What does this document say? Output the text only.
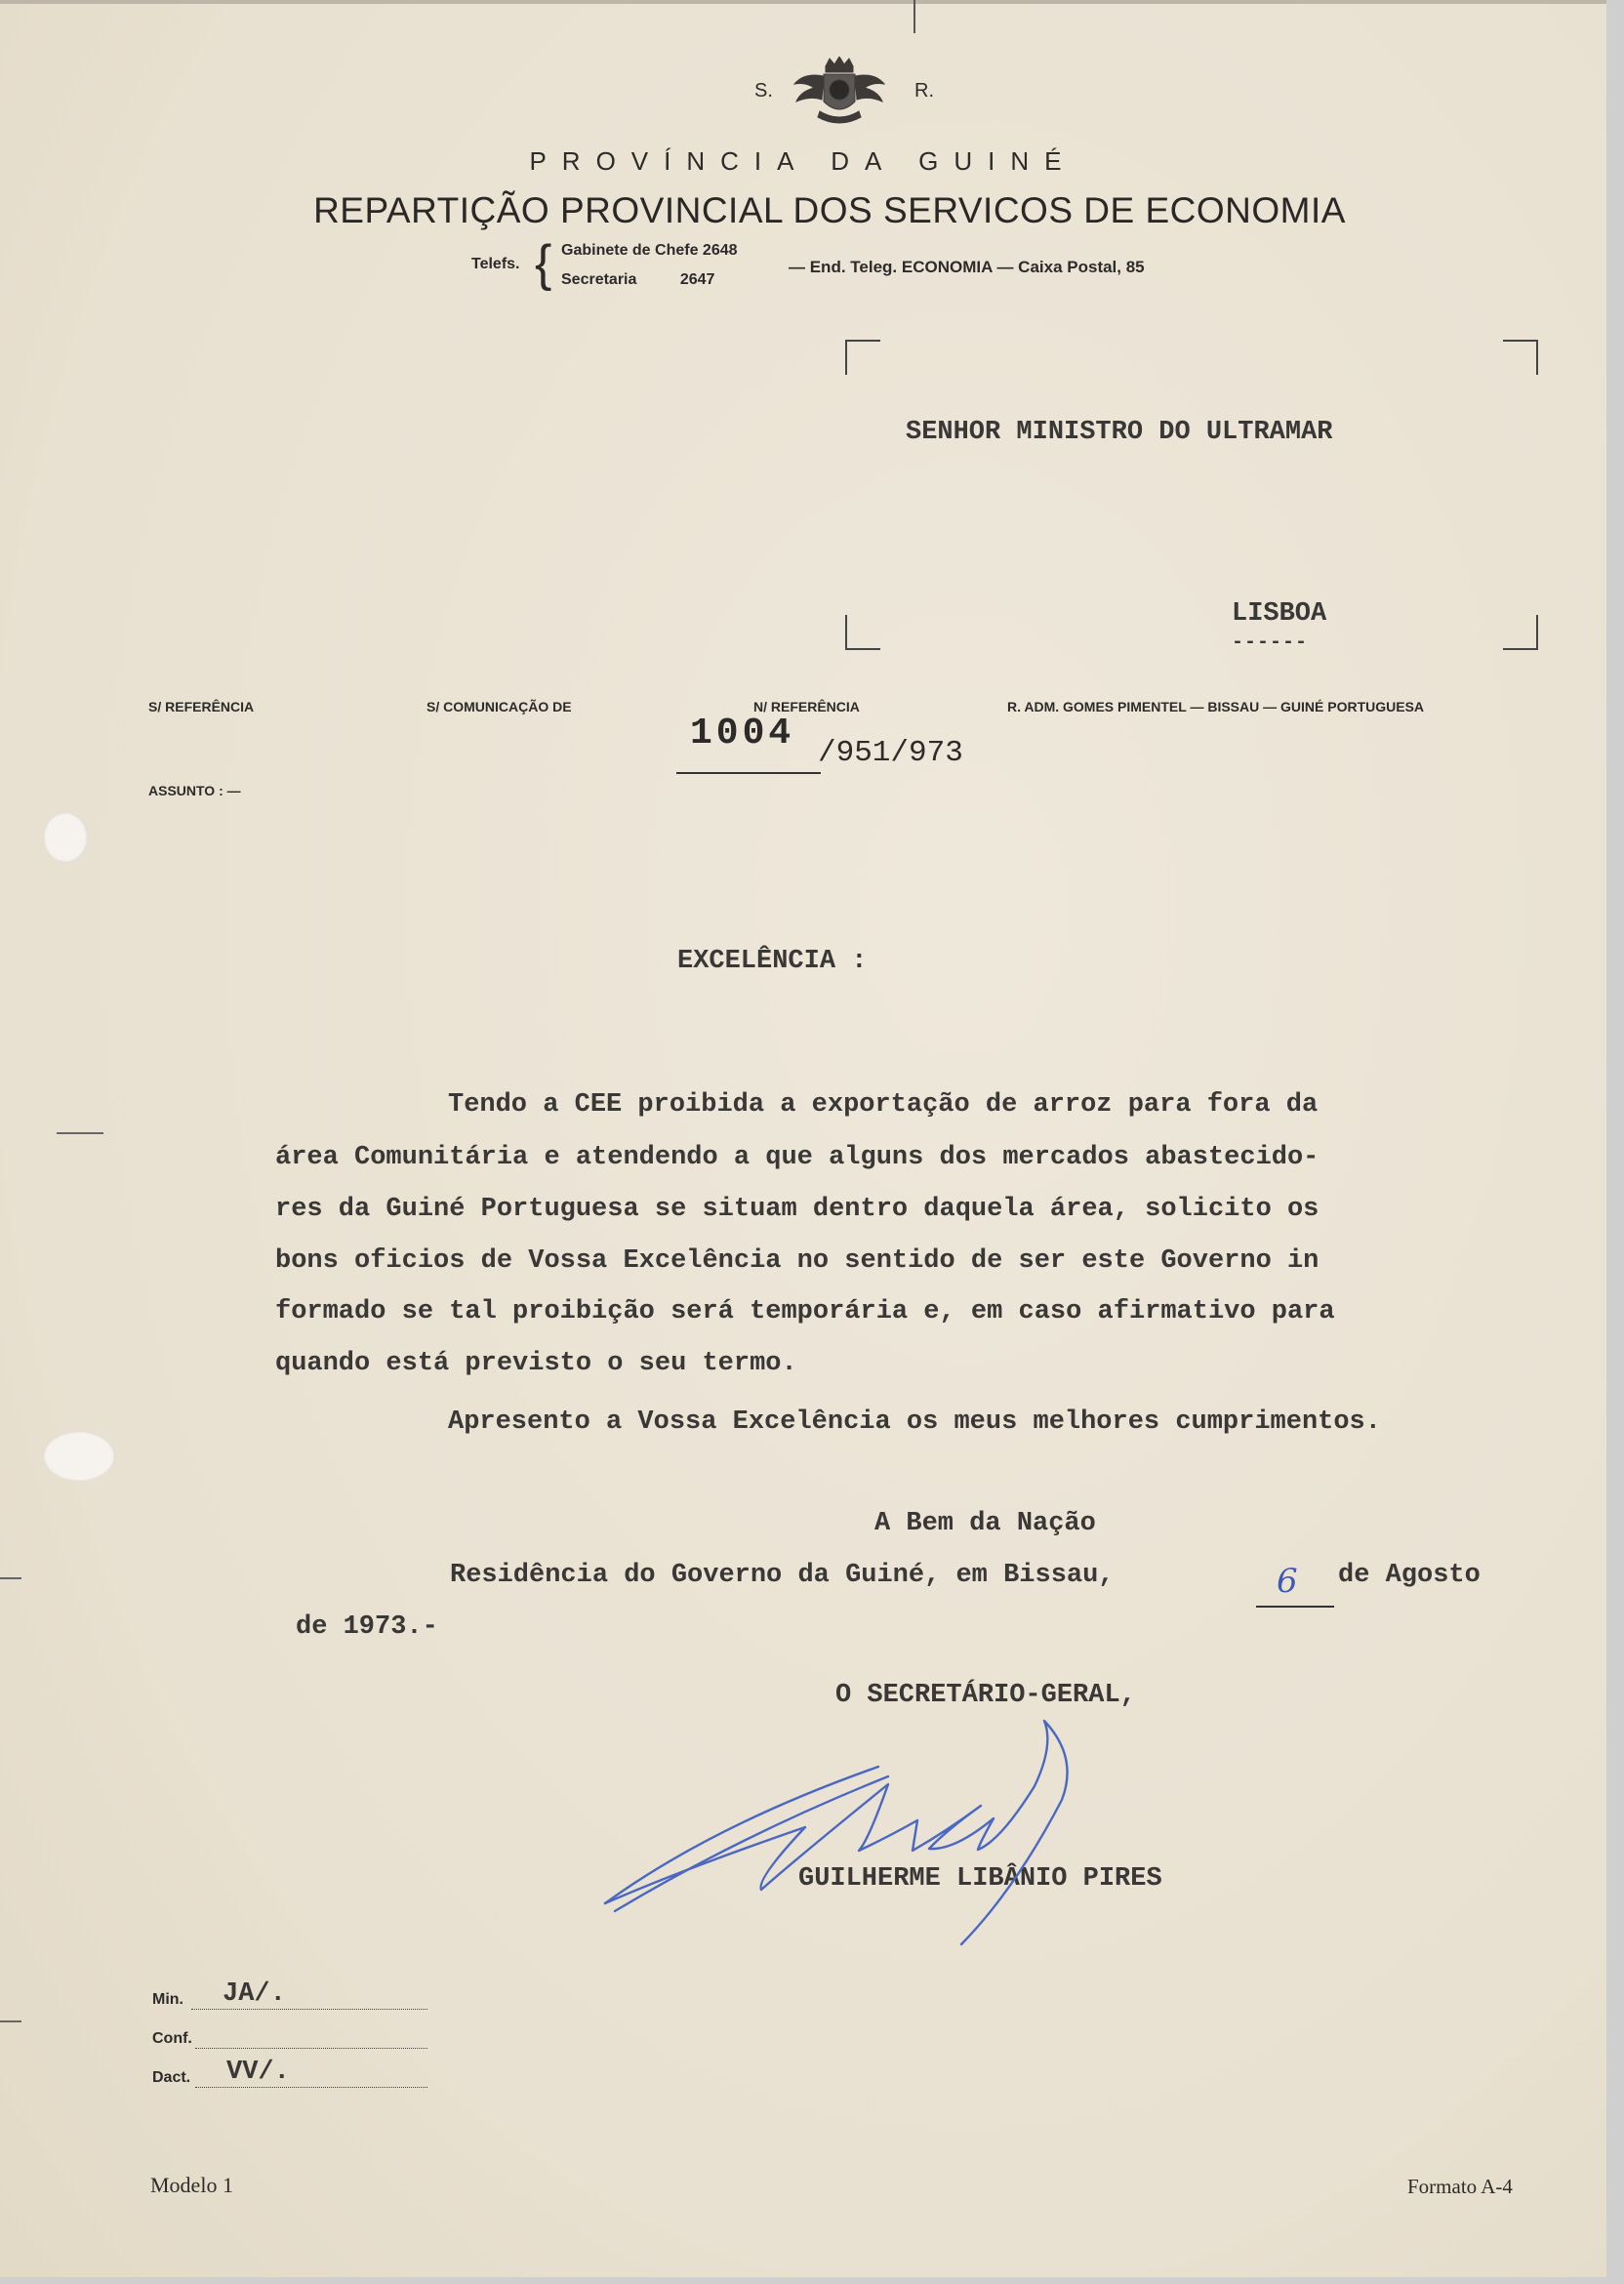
S.	R.
PROVÍNCIA DA GUINÉ
REPARTIÇÃO PROVINCIAL DOS SERVICOS DE ECONOMIA
Telefs. { Gabinete de Chefe 2648
Secretaria          2647
— End. Teleg. ECONOMIA — Caixa Postal, 85
SENHOR MINISTRO DO ULTRAMAR
LISBOA
------
S/ REFERÊNCIA	S/ COMUNICAÇÃO DE	N/ REFERÊNCIA	R. ADM. GOMES PIMENTEL — BISSAU — GUINÉ PORTUGUESA
1004 /951/973
ASSUNTO : —
EXCELÊNCIA :
Tendo a CEE proibida a exportação de arroz para fora da
área Comunitária e atendendo a que alguns dos mercados abastecido-
res da Guiné Portuguesa se situam dentro daquela área, solicito os
bons oficios de Vossa Excelência no sentido de ser este Governo in
formado se tal proibição será temporária e, em caso afirmativo para
quando está previsto o seu termo.
Apresento a Vossa Excelência os meus melhores cumprimentos.
A Bem da Nação
Residência do Governo da Guiné, em Bissau,	6 de Agosto
de 1973.-
O SECRETÁRIO-GERAL,
GUILHERME LIBÂNIO PIRES
Min. JA/.
Conf.
Dact. VV/.
Modelo 1	Formato A-4
